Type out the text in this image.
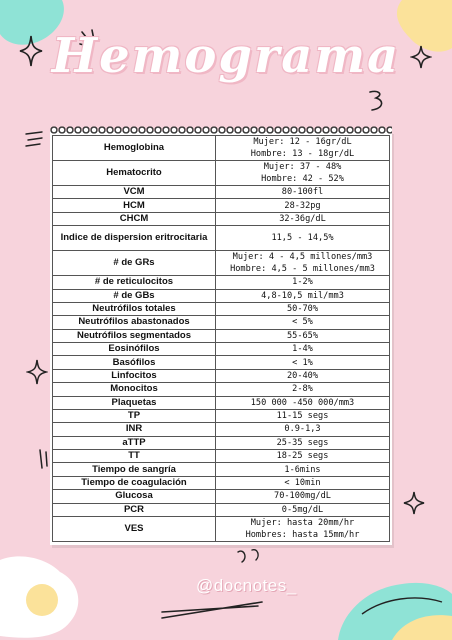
Hemograma
Hemoglobina	Mujer: 12 - 16gr/dL
Hombre: 13 - 18gr/dL

Hematocrito	Mujer: 37 - 48%
Hombre: 42 - 52%

VCM	80-100fl

HCM	28-32pg

CHCM	32-36g/dL

Indice de dispersion eritrocitaria	11,5 - 14,5%

# de GRs	Mujer: 4 - 4,5 millones/mm3
Hombre: 4,5 - 5 millones/mm3

# de reticulocitos	1-2%

# de GBs	4,8-10,5 mil/mm3

Neutrófilos totales	50-70%

Neutrófilos abastonados	< 5%

Neutrófilos segmentados	55-65%

Eosinófilos	1-4%

Basófilos	< 1%

Linfocitos	20-40%

Monocitos	2-8%

Plaquetas	150 000 -450 000/mm3

TP	11-15 segs

INR	0.9-1,3

aTTP	25-35 segs

TT	18-25 segs

Tiempo de sangría	1-6mins

Tiempo de coagulación	< 10min

Glucosa	70-100mg/dL

PCR	0-5mg/dL

VES	Mujer: hasta 20mm/hr
Hombres: hasta 15mm/hr
@docnotes_
